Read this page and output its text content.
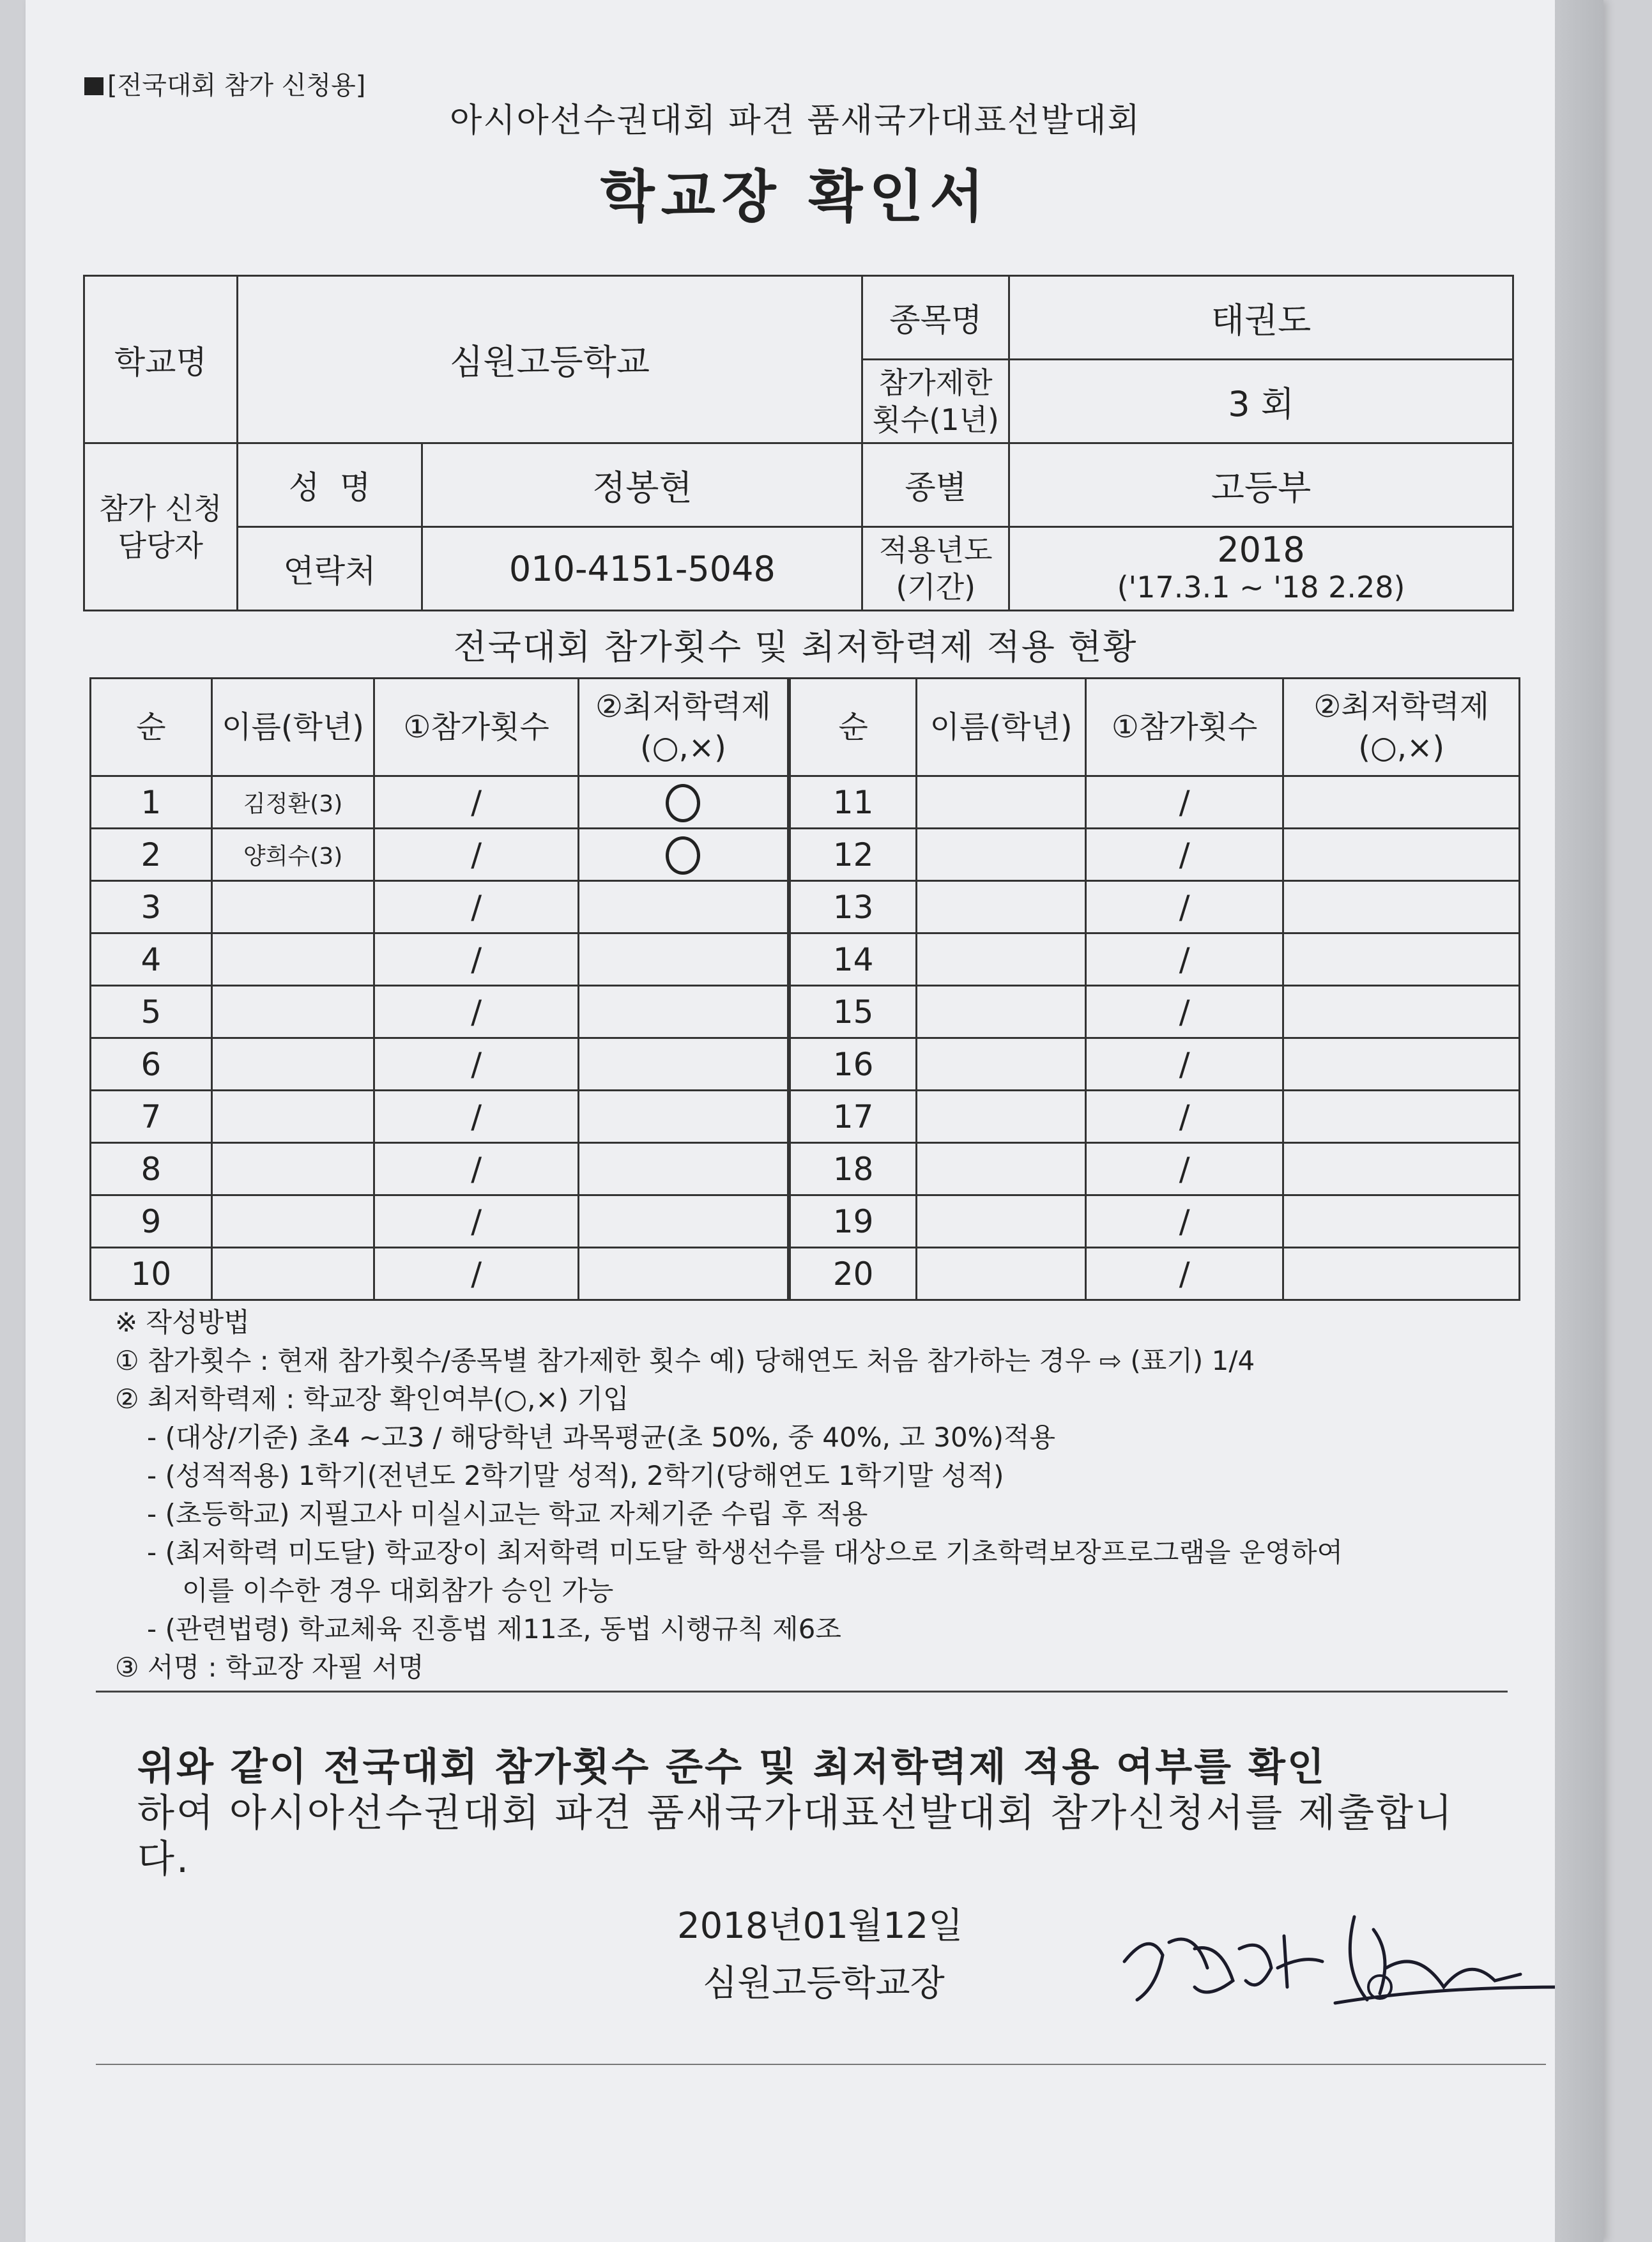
[전국대회 참가 신청용]
아시아선수권대회 파견 품새국가대표선발대회
학교장 확인서
학교명	심원고등학교		종목명	태권도
			참가제한 횟수(1년)	3 회
참가 신청 담당자	성  명	정봉현	종별	고등부
	연락처	010-4151-5048	적용년도 (기간)	2018
('17.3.1 ~ '18 2.28)
전국대회 참가횟수 및 최저학력제 적용 현황
순	이름(학년)	①참가횟수	②최저학력제 (○,×)	순	이름(학년)	①참가횟수	②최저학력제 (○,×)
1	김정환(3)	/		11		/	
2	양희수(3)	/		12		/	
3		/		13		/	
4		/		14		/	
5		/		15		/	
6		/		16		/	
7		/		17		/	
8		/		18		/	
9		/		19		/	
10		/		20		/	
※ 작성방법
① 참가횟수 : 현재 참가횟수/종목별 참가제한 횟수 예) 당해연도 처음 참가하는 경우 ⇨ (표기) 1/4
② 최저학력제 : 학교장 확인여부(○,×) 기입
- (대상/기준) 초4 ~고3 / 해당학년 과목평균(초 50%, 중 40%, 고 30%)적용
- (성적적용) 1학기(전년도 2학기말 성적), 2학기(당해연도 1학기말 성적)
- (초등학교) 지필고사 미실시교는 학교 자체기준 수립 후 적용
- (최저학력 미도달) 학교장이 최저학력 미도달 학생선수를 대상으로 기초학력보장프로그램을 운영하여
이를 이수한 경우 대회참가 승인 가능
- (관련법령) 학교체육 진흥법 제11조, 동법 시행규칙 제6조
③ 서명 : 학교장 자필 서명
위와 같이 전국대회 참가횟수 준수 및 최저학력제 적용 여부를 확인
하여 아시아선수권대회 파견 품새국가대표선발대회 참가신청서를 제출합니
다.
2018년01월12일
심원고등학교장
